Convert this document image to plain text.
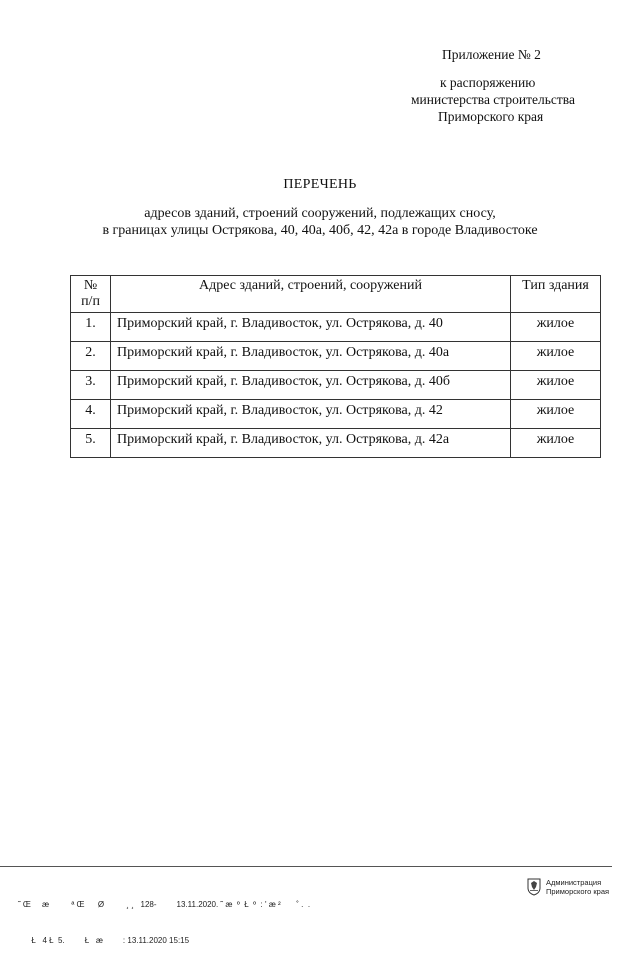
Приложение № 2
к распоряжению
министерства строительства
Приморского края
ПЕРЕЧЕНЬ
адресов зданий, строений сооружений, подлежащих сносу,
в границах улицы Острякова, 40, 40а, 40б, 42, 42а в городе Владивостоке
№ п/п	Адрес зданий, строений, сооружений	Тип здания
1.	Приморский край, г. Владивосток, ул. Острякова, д. 40	жилое
2.	Приморский край, г. Владивосток, ул. Острякова, д. 40а	жилое
3.	Приморский край, г. Владивосток, ул. Острякова, д. 40б	жилое
4.	Приморский край, г. Владивосток, ул. Острякова, д. 42	жилое
5.	Приморский край, г. Владивосток, ул. Острякова, д. 42а	жилое

˜ Œ     æ          ª Œ      Ø          ¸ ¸   128-         13.11.2020. ˜ æ  º  Ł  º  : ' æ ²       ˚ .  .

Ł   4 Ł  5.         Ł   æ         : 13.11.2020 15:15

Администрация
Приморского края
